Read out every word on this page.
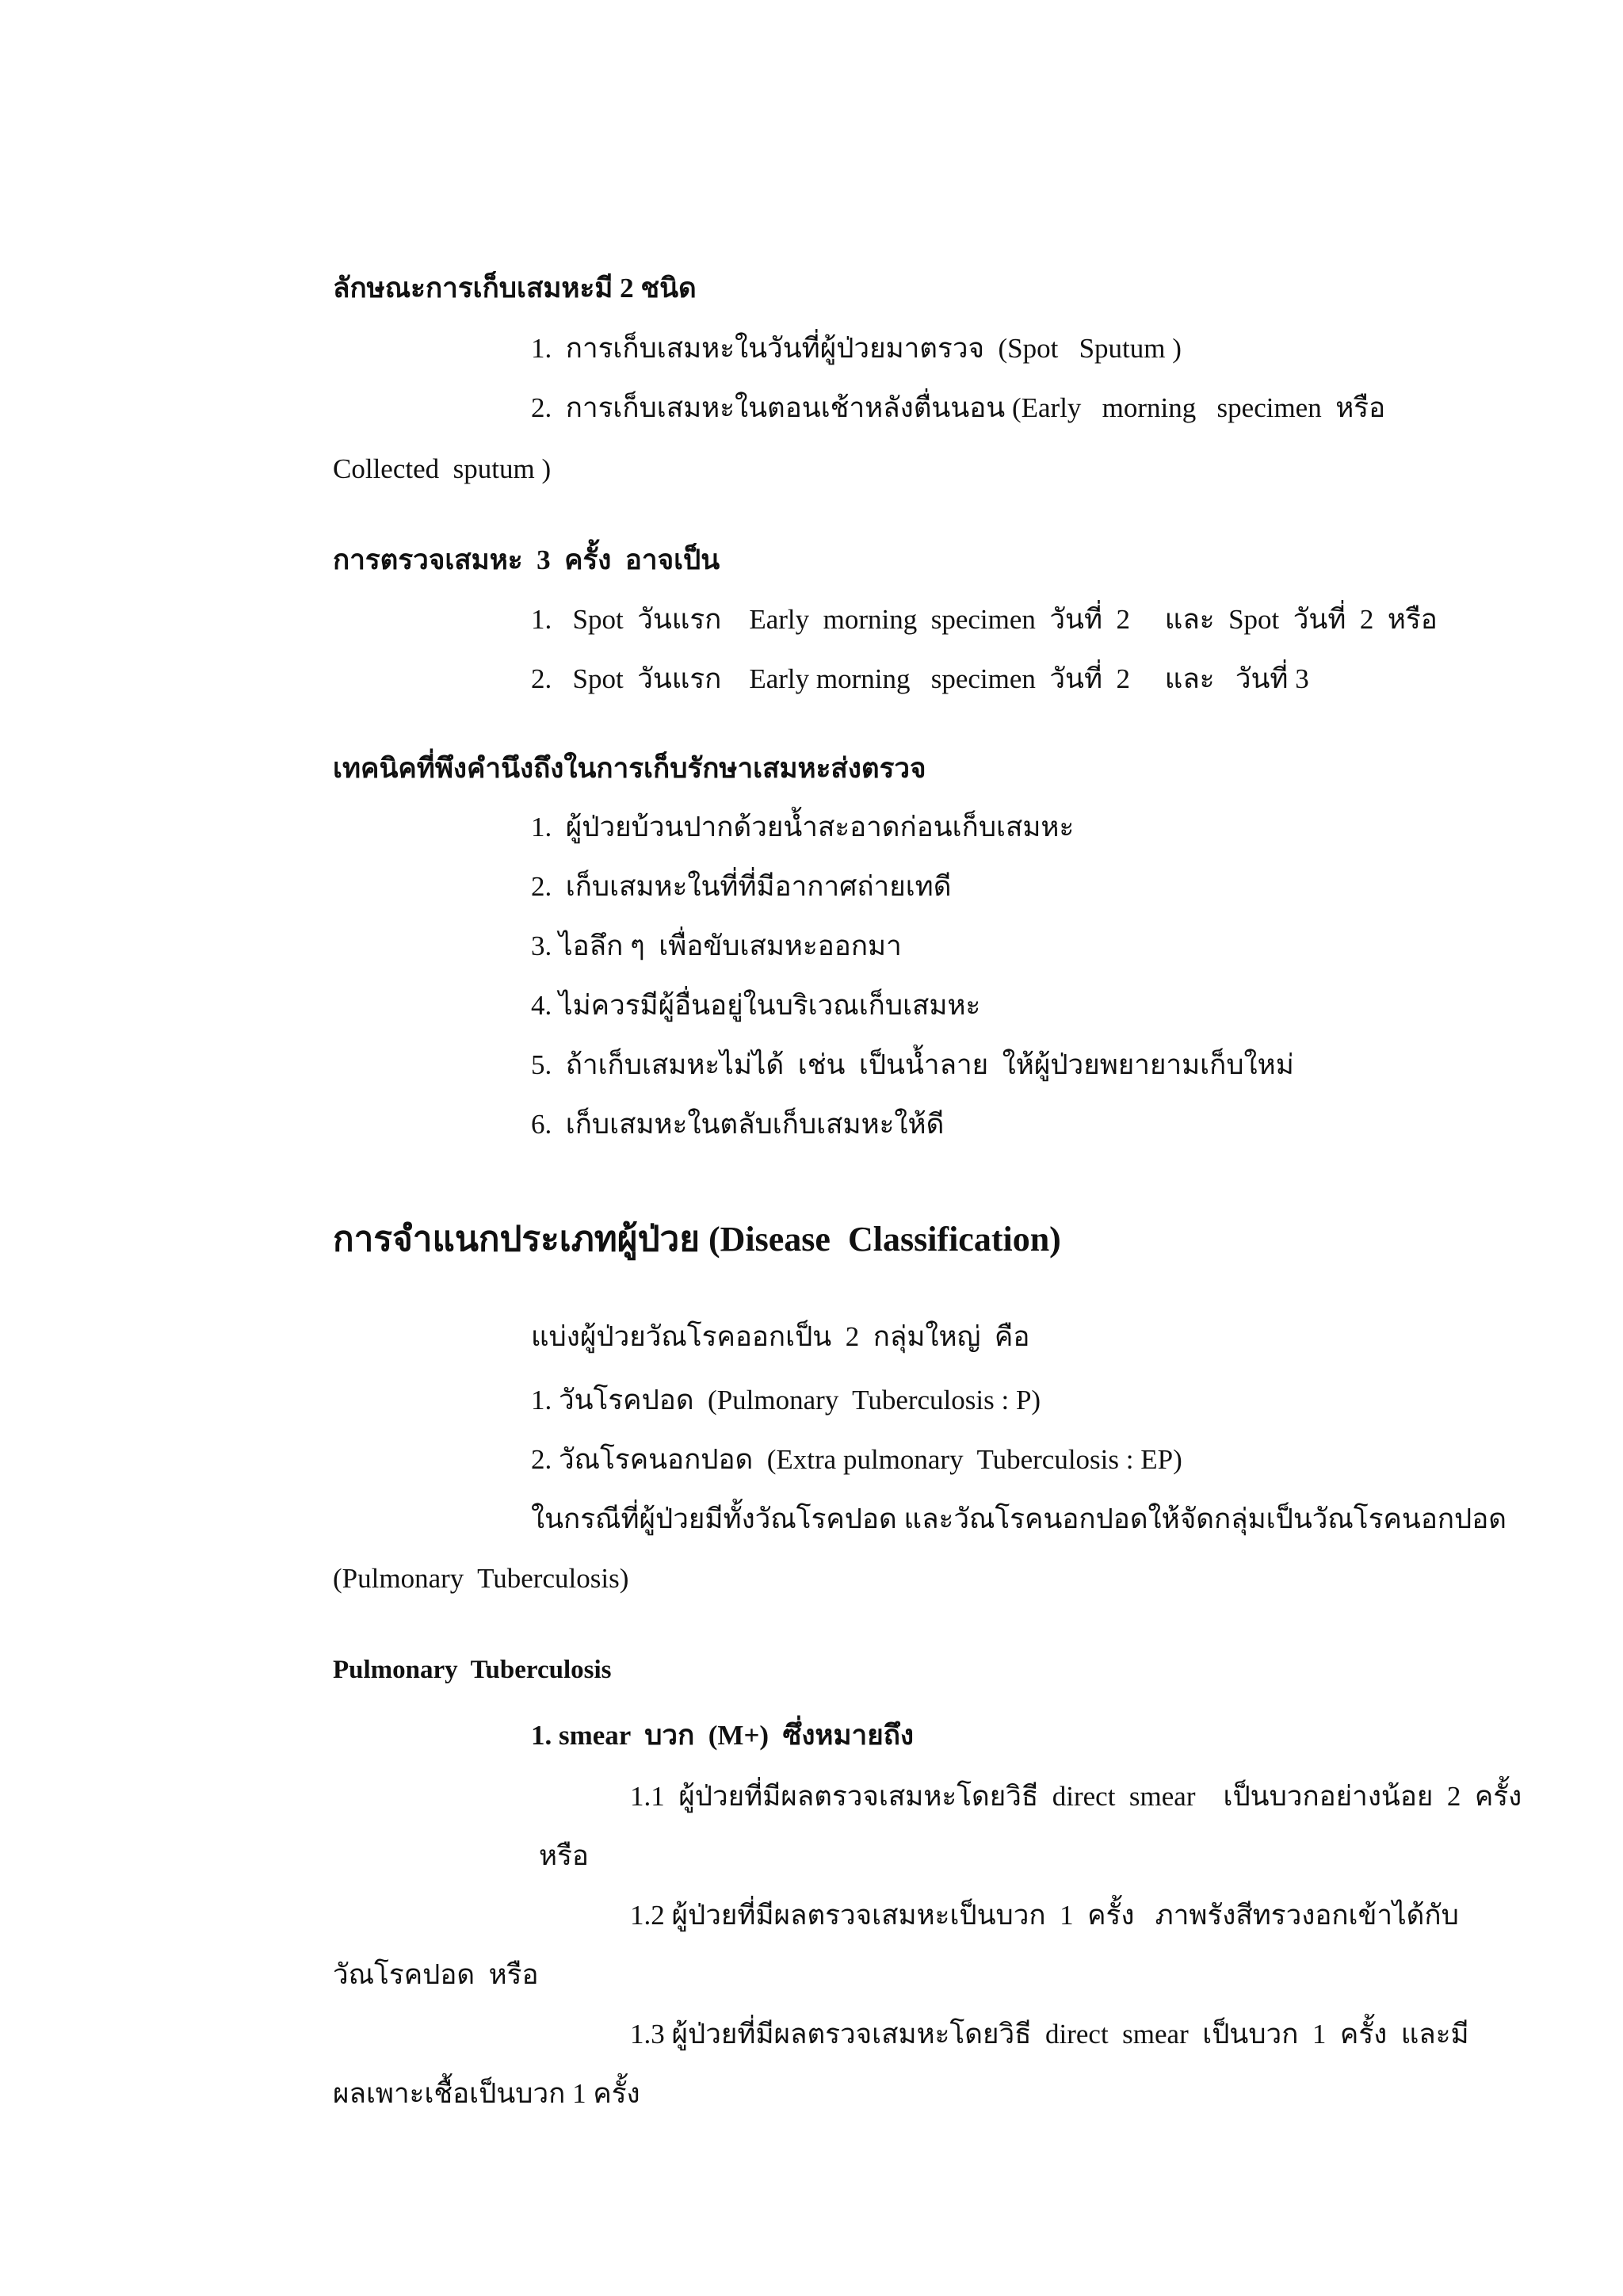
ลักษณะการเก็บเสมหะมี 2 ชนิด
1.  การเก็บเสมหะในวันที่ผู้ป่วยมาตรวจ  (Spot   Sputum )
2.  การเก็บเสมหะในตอนเช้าหลังตื่นนอน (Early   morning   specimen  หรือ
Collected  sputum )
การตรวจเสมหะ  3  ครั้ง  อาจเป็น
1.   Spot  วันแรก    Early  morning  specimen  วันที่  2     และ  Spot  วันที่  2  หรือ
2.   Spot  วันแรก    Early morning   specimen  วันที่  2     และ   วันที่ 3
เทคนิคที่พึงคำนึงถึงในการเก็บรักษาเสมหะส่งตรวจ
1.  ผู้ป่วยบ้วนปากด้วยน้ำสะอาดก่อนเก็บเสมหะ
2.  เก็บเสมหะในที่ที่มีอากาศถ่ายเทดี
3. ไอลึก ๆ  เพื่อขับเสมหะออกมา
4. ไม่ควรมีผู้อื่นอยู่ในบริเวณเก็บเสมหะ
5.  ถ้าเก็บเสมหะไม่ได้  เช่น  เป็นน้ำลาย  ให้ผู้ป่วยพยายามเก็บใหม่
6.  เก็บเสมหะในตลับเก็บเสมหะให้ดี
การจำแนกประเภทผู้ป่วย (Disease  Classification)
แบ่งผู้ป่วยวัณโรคออกเป็น  2  กลุ่มใหญ่  คือ
1. วันโรคปอด  (Pulmonary  Tuberculosis : P)
2. วัณโรคนอกปอด  (Extra pulmonary  Tuberculosis : EP)
ในกรณีที่ผู้ป่วยมีทั้งวัณโรคปอด และวัณโรคนอกปอดให้จัดกลุ่มเป็นวัณโรคนอกปอด
(Pulmonary  Tuberculosis)
Pulmonary  Tuberculosis
1. smear  บวก  (M+)  ซึ่งหมายถึง
1.1  ผู้ป่วยที่มีผลตรวจเสมหะโดยวิธี  direct  smear    เป็นบวกอย่างน้อย  2  ครั้ง
หรือ
1.2 ผู้ป่วยที่มีผลตรวจเสมหะเป็นบวก  1  ครั้ง   ภาพรังสีทรวงอกเข้าได้กับ
วัณโรคปอด  หรือ
1.3 ผู้ป่วยที่มีผลตรวจเสมหะโดยวิธี  direct  smear  เป็นบวก  1  ครั้ง  และมี
ผลเพาะเชื้อเป็นบวก 1 ครั้ง
